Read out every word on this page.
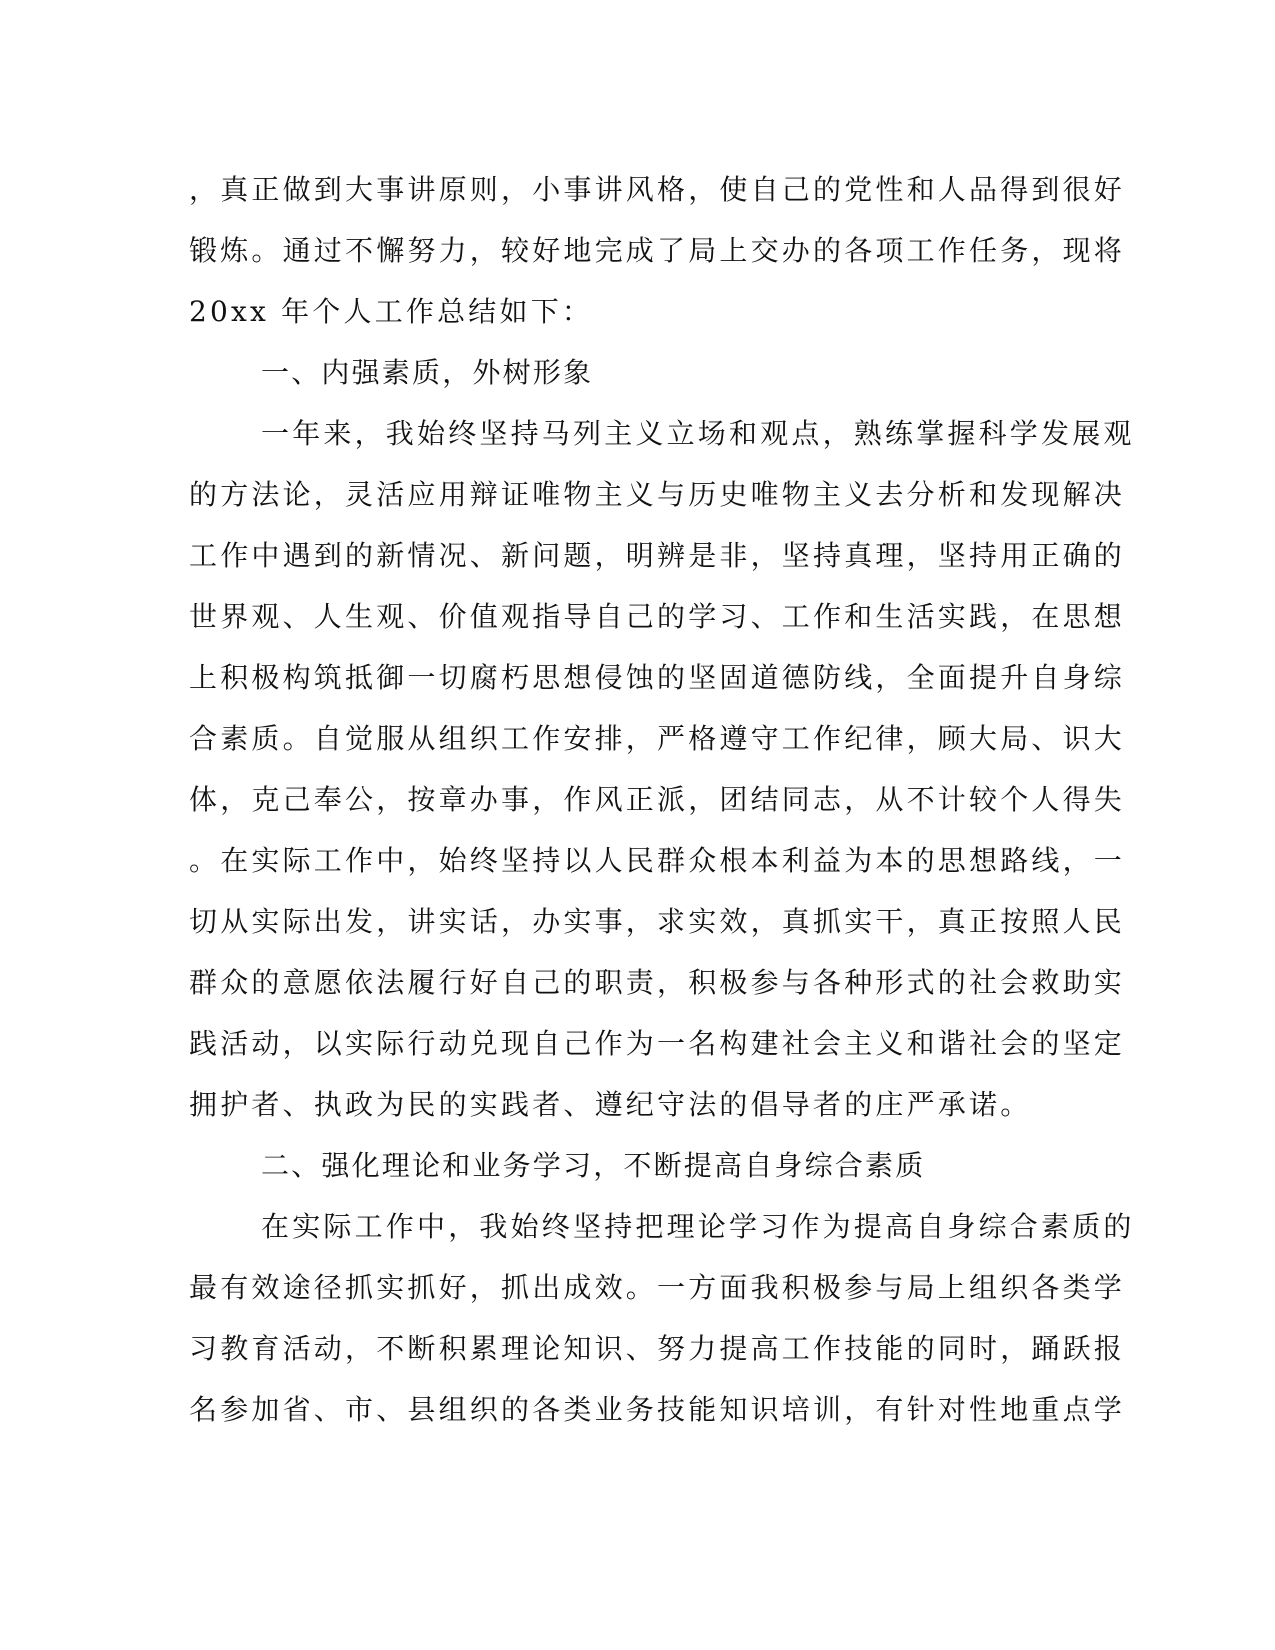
，真正做到大事讲原则，小事讲风格，使自己的党性和人品得到很好
锻炼。通过不懈努力，较好地完成了局上交办的各项工作任务，现将
20xx 年个人工作总结如下：
一、内强素质，外树形象
一年来，我始终坚持马列主义立场和观点，熟练掌握科学发展观
的方法论，灵活应用辩证唯物主义与历史唯物主义去分析和发现解决
工作中遇到的新情况、新问题，明辨是非，坚持真理，坚持用正确的
世界观、人生观、价值观指导自己的学习、工作和生活实践，在思想
上积极构筑抵御一切腐朽思想侵蚀的坚固道德防线，全面提升自身综
合素质。自觉服从组织工作安排，严格遵守工作纪律，顾大局、识大
体，克己奉公，按章办事，作风正派，团结同志，从不计较个人得失
。在实际工作中，始终坚持以人民群众根本利益为本的思想路线，一
切从实际出发，讲实话，办实事，求实效，真抓实干，真正按照人民
群众的意愿依法履行好自己的职责，积极参与各种形式的社会救助实
践活动，以实际行动兑现自己作为一名构建社会主义和谐社会的坚定
拥护者、执政为民的实践者、遵纪守法的倡导者的庄严承诺。
二、强化理论和业务学习，不断提高自身综合素质
在实际工作中，我始终坚持把理论学习作为提高自身综合素质的
最有效途径抓实抓好，抓出成效。一方面我积极参与局上组织各类学
习教育活动，不断积累理论知识、努力提高工作技能的同时，踊跃报
名参加省、市、县组织的各类业务技能知识培训，有针对性地重点学
